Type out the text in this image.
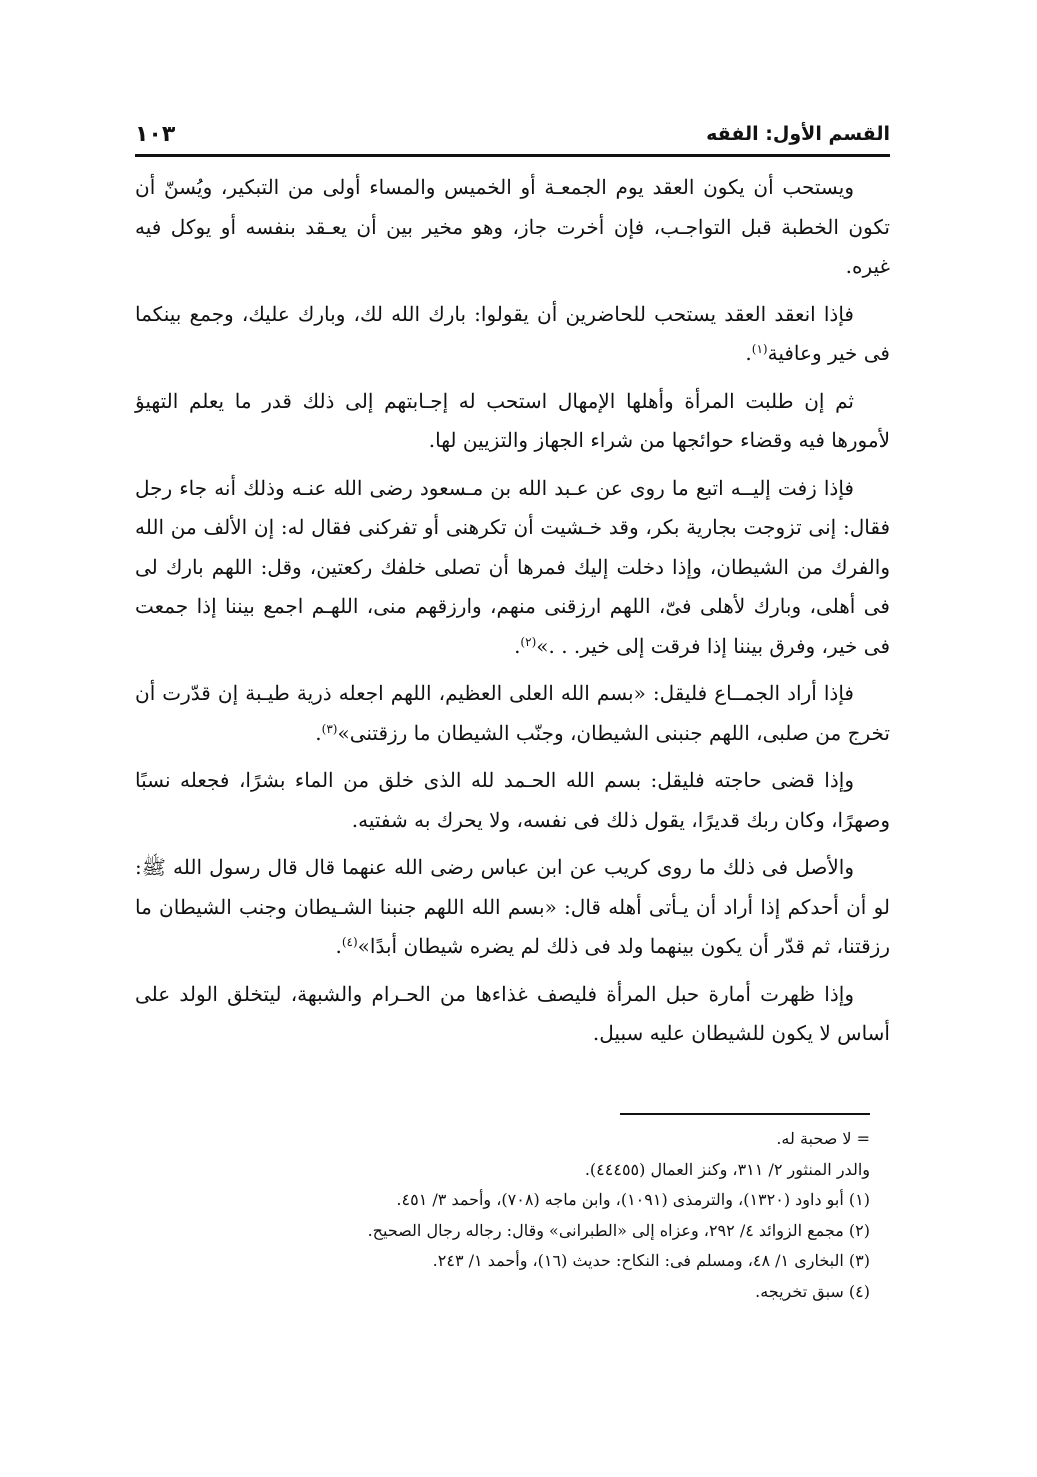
القسم الأول: الفقه
١٠٣

ويستحب أن يكون العقد يوم الجمعـة أو الخميس والمساء أولى من التبكير، ويُسنّ أن تكون الخطبة قبل التواجـب، فإن أخرت جاز، وهو مخير بين أن يعـقد بنفسه أو يوكل فيه غيره.

فإذا انعقد العقد يستحب للحاضرين أن يقولوا: بارك الله لك، وبارك عليك، وجمع بينكما فى خير وعافية$^{(١)}$.

ثم إن طلبت المرأة وأهلها الإمهال استحب له إجـابتهم إلى ذلك قدر ما يعلم التهيؤ لأمورها فيه وقضاء حوائجها من شراء الجهاز والتزيين لها.

فإذا زفت إليــه اتبع ما روى عن عـبد الله بن مـسعود رضى الله عنـه وذلك أنه جاء رجل فقال: إنى تزوجت بجارية بكر، وقد خـشيت أن تكرهنى أو تفركنى فقال له: إن الألف من الله والفرك من الشيطان، وإذا دخلت إليك فمرها أن تصلى خلفك ركعتين، وقل: اللهم بارك لى فى أهلى، وبارك لأهلى فىّ، اللهم ارزقنى منهم، وارزقهم منى، اللهـم اجمع بيننا إذا جمعت فى خير، وفرق بيننا إذا فرقت إلى خير. . .»$^{(٢)}$.

فإذا أراد الجمــاع فليقل: «بسم الله العلى العظيم، اللهم اجعله ذرية طيـبة إن قدّرت أن تخرج من صلبى، اللهم جنبنى الشيطان، وجنّب الشيطان ما رزقتنى»$^{(٣)}$.

وإذا قضى حاجته فليقل: بسم الله الحـمد لله الذى خلق من الماء بشرًا، فجعله نسبًا وصهرًا، وكان ربك قديرًا، يقول ذلك فى نفسه، ولا يحرك به شفتيه.

والأصل فى ذلك ما روى كريب عن ابن عباس رضى الله عنهما قال قال رسول الله ﷺ: لو أن أحدكم إذا أراد أن يـأتى أهله قال: «بسم الله اللهم جنبنا الشـيطان وجنب الشيطان ما رزقتنا، ثم قدّر أن يكون بينهما ولد فى ذلك لم يضره شيطان أبدًا»$^{(٤)}$.

وإذا ظهرت أمارة حبل المرأة فليصف غذاءها من الحـرام والشبهة، ليتخلق الولد على أساس لا يكون للشيطان عليه سبيل.

= لا صحبة له.
والدر المنثور ٢/ ٣١١، وكنز العمال (٤٤٤٥٥).
(١) أبو داود (١٣٢٠)، والترمذى (١٠٩١)، وابن ماجه (٧٠٨)، وأحمد ٣/ ٤٥١.
(٢) مجمع الزوائد ٤/ ٢٩٢، وعزاه إلى «الطبرانى» وقال: رجاله رجال الصحيح.
(٣) البخارى ١/ ٤٨، ومسلم فى: النكاح: حديث (١٦)، وأحمد ١/ ٢٤٣.
(٤) سبق تخريجه.
